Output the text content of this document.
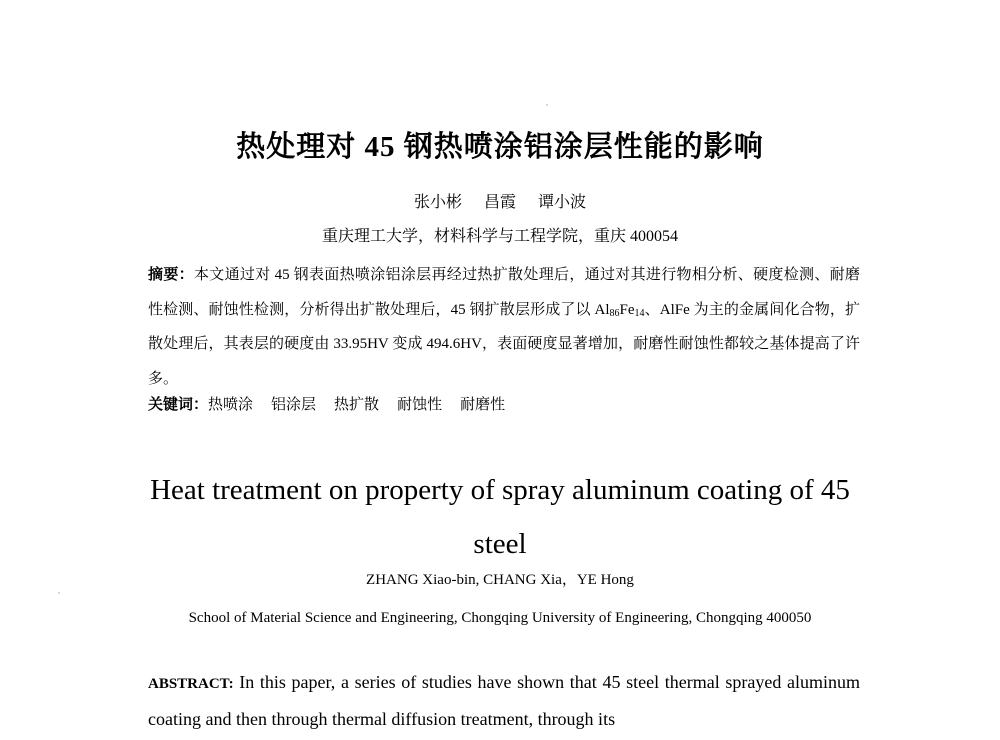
热处理对 45 钢热喷涂铝涂层性能的影响
张小彬 昌霞 谭小波
重庆理工大学，材料科学与工程学院，重庆 400054
摘要：本文通过对 45 钢表面热喷涂铝涂层再经过热扩散处理后，通过对其进行物相分析、硬度检测、耐磨性检测、耐蚀性检测，分析得出扩散处理后，45 钢扩散层形成了以 $Al_{86}Fe_{14}$、AlFe 为主的金属间化合物，扩散处理后，其表层的硬度由 33.95HV 变成 494.6HV，表面硬度显著增加，耐磨性耐蚀性都较之基体提高了许多。
关键词：热喷涂 铝涂层 热扩散 耐蚀性 耐磨性
Heat treatment on property of spray aluminum coating of 45 steel
ZHANG Xiao-bin, CHANG Xia，YE Hong
School of Material Science and Engineering, Chongqing University of Engineering, Chongqing 400050
ABSTRACT: In this paper, a series of studies have shown that 45 steel thermal sprayed aluminum coating and then through thermal diffusion treatment, through its
